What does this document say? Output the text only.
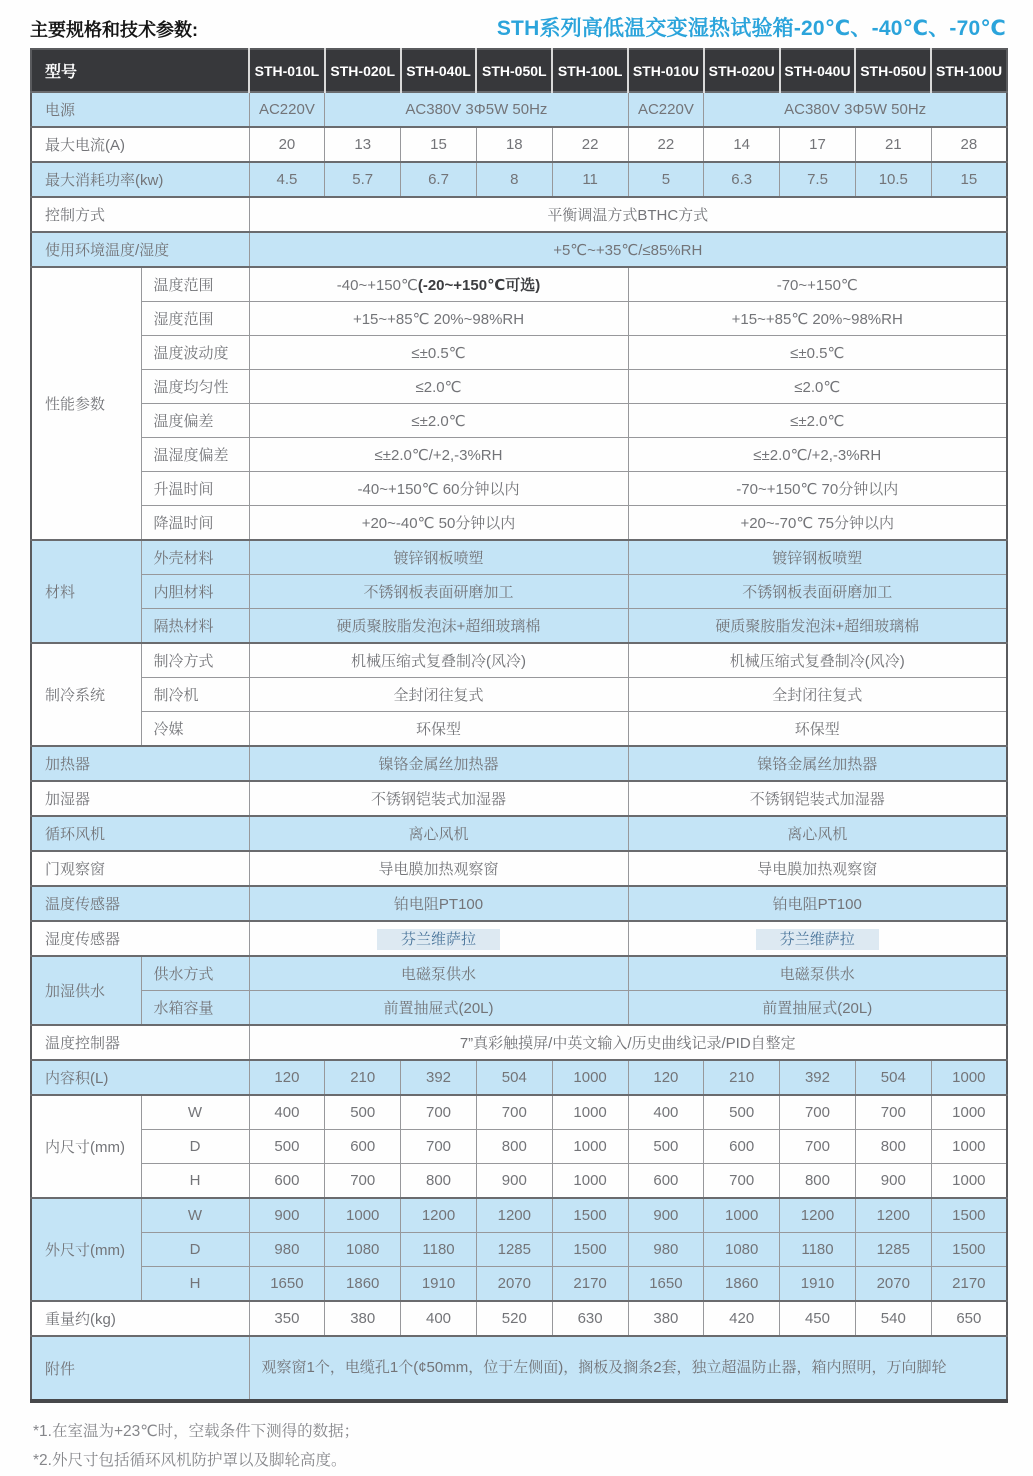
主要规格和技术参数:	STH系列高低温交变湿热试验箱-20℃、-40℃、-70℃
型号		STH-010L	STH-020L	STH-040L	STH-050L	STH-100L	STH-010U	STH-020U	STH-040U	STH-050U	STH-100U
电源		AC220V	AC380V 3Φ5W 50Hz				AC220V	AC380V 3Φ5W 50Hz			
最大电流(A)		20	13	15	18	22	22	14	17	21	28
最大消耗功率(kw)		4.5	5.7	6.7	8	11	5	6.3	7.5	10.5	15
控制方式		平衡调温方式BTHC方式									
使用环境温度/湿度		+5℃~+35℃/≤85%RH									
性能参数	温度范围	-40~+150℃(-20~+150℃可选)					-70~+150℃				
	湿度范围	+15~+85℃ 20%~98%RH					+15~+85℃ 20%~98%RH				
	温度波动度	≤±0.5℃					≤±0.5℃				
	温度均匀性	≤2.0℃					≤2.0℃				
	温度偏差	≤±2.0℃					≤±2.0℃				
	温湿度偏差	≤±2.0℃/+2,-3%RH					≤±2.0℃/+2,-3%RH				
	升温时间	-40~+150℃ 60分钟以内					-70~+150℃ 70分钟以内				
	降温时间	+20~-40℃ 50分钟以内					+20~-70℃ 75分钟以内				
材料	外壳材料	镀锌钢板喷塑					镀锌钢板喷塑				
	内胆材料	不锈钢板表面研磨加工					不锈钢板表面研磨加工				
	隔热材料	硬质聚胺脂发泡沫+超细玻璃棉					硬质聚胺脂发泡沫+超细玻璃棉				
制冷系统	制冷方式	机械压缩式复叠制冷(风冷)					机械压缩式复叠制冷(风冷)				
	制冷机	全封闭往复式					全封闭往复式				
	冷媒	环保型					环保型				
加热器		镍铬金属丝加热器					镍铬金属丝加热器				
加湿器		不锈钢铠装式加湿器					不锈钢铠装式加湿器				
循环风机		离心风机					离心风机				
门观察窗		导电膜加热观察窗					导电膜加热观察窗				
温度传感器		铂电阻PT100					铂电阻PT100				
湿度传感器		芬兰维萨拉					芬兰维萨拉				
加湿供水	供水方式	电磁泵供水					电磁泵供水				
	水箱容量	前置抽屉式(20L)					前置抽屉式(20L)				
温度控制器		7”真彩触摸屏/中英文输入/历史曲线记录/PID自整定									
内容积(L)		120	210	392	504	1000	120	210	392	504	1000
内尺寸(mm)	W	400	500	700	700	1000	400	500	700	700	1000
	D	500	600	700	800	1000	500	600	700	800	1000
	H	600	700	800	900	1000	600	700	800	900	1000
外尺寸(mm)	W	900	1000	1200	1200	1500	900	1000	1200	1200	1500
	D	980	1080	1180	1285	1500	980	1080	1180	1285	1500
	H	1650	1860	1910	2070	2170	1650	1860	1910	2070	2170
重量约(kg)		350	380	400	520	630	380	420	450	540	650
附件		观察窗1个，电缆孔1个(¢50mm，位于左侧面)，搁板及搁条2套，独立超温防止器，箱内照明，万向脚轮									
*1.在室温为+23℃时，空载条件下测得的数据；
*2.外尺寸包括循环风机防护罩以及脚轮高度。
